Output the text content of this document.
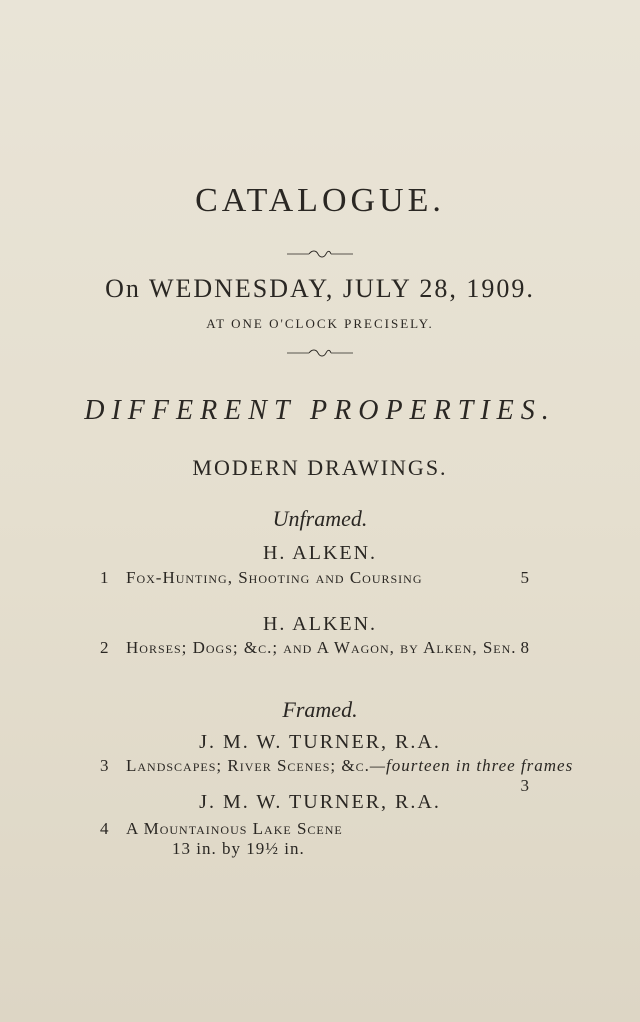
CATALOGUE.
On WEDNESDAY, JULY 28, 1909.
AT ONE O'CLOCK PRECISELY.
DIFFERENT PROPERTIES.
MODERN DRAWINGS.
Unframed.
H. ALKEN.
1 Fox-Hunting, Shooting and Coursing	5
H. ALKEN.
2 Horses; Dogs; &c.; and A Wagon, by Alken, Sen. 8
Framed.
J. M. W. TURNER, R.A.
3 Landscapes; River Scenes; &c.—fourteen in three frames
3
J. M. W. TURNER, R.A.
4 A Mountainous Lake Scene
13 in. by 19½ in.
